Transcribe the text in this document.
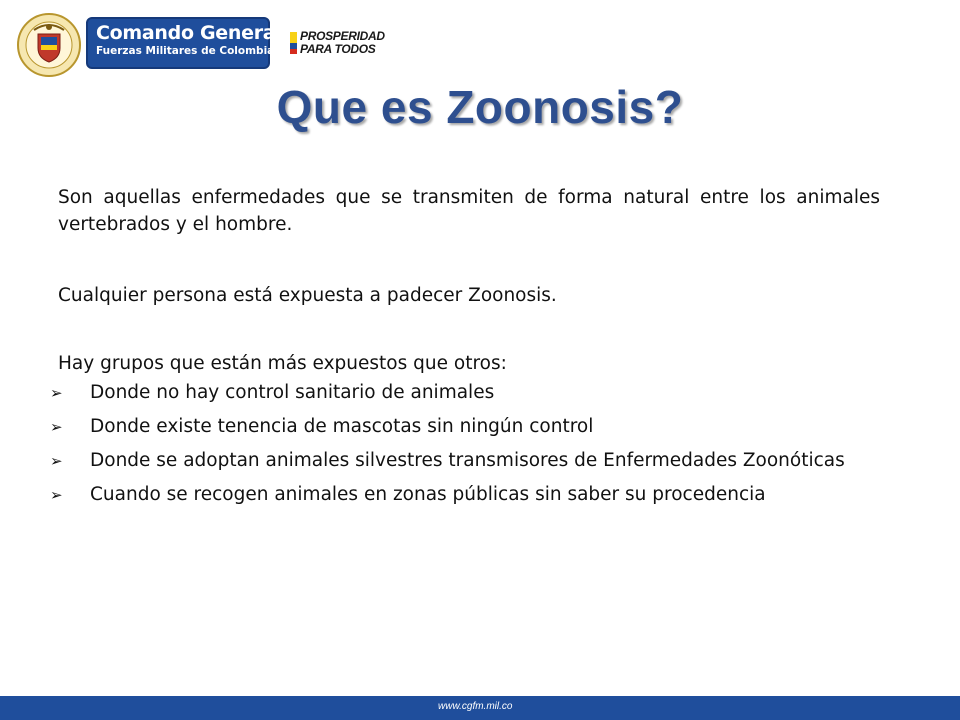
Comando General
Fuerzas Militares de Colombia
PROSPERIDAD
PARA TODOS
Que es Zoonosis?
Son aquellas enfermedades que se transmiten de forma natural entre los animales vertebrados y el hombre.
Cualquier persona está expuesta a padecer Zoonosis.
Hay grupos que están más expuestos que otros:
➢ Donde no hay control sanitario de animales
➢ Donde existe tenencia de mascotas sin ningún control
➢ Donde se adoptan animales silvestres transmisores de Enfermedades Zoonóticas
➢ Cuando se recogen animales en zonas públicas sin saber su procedencia
www.cgfm.mil.co
